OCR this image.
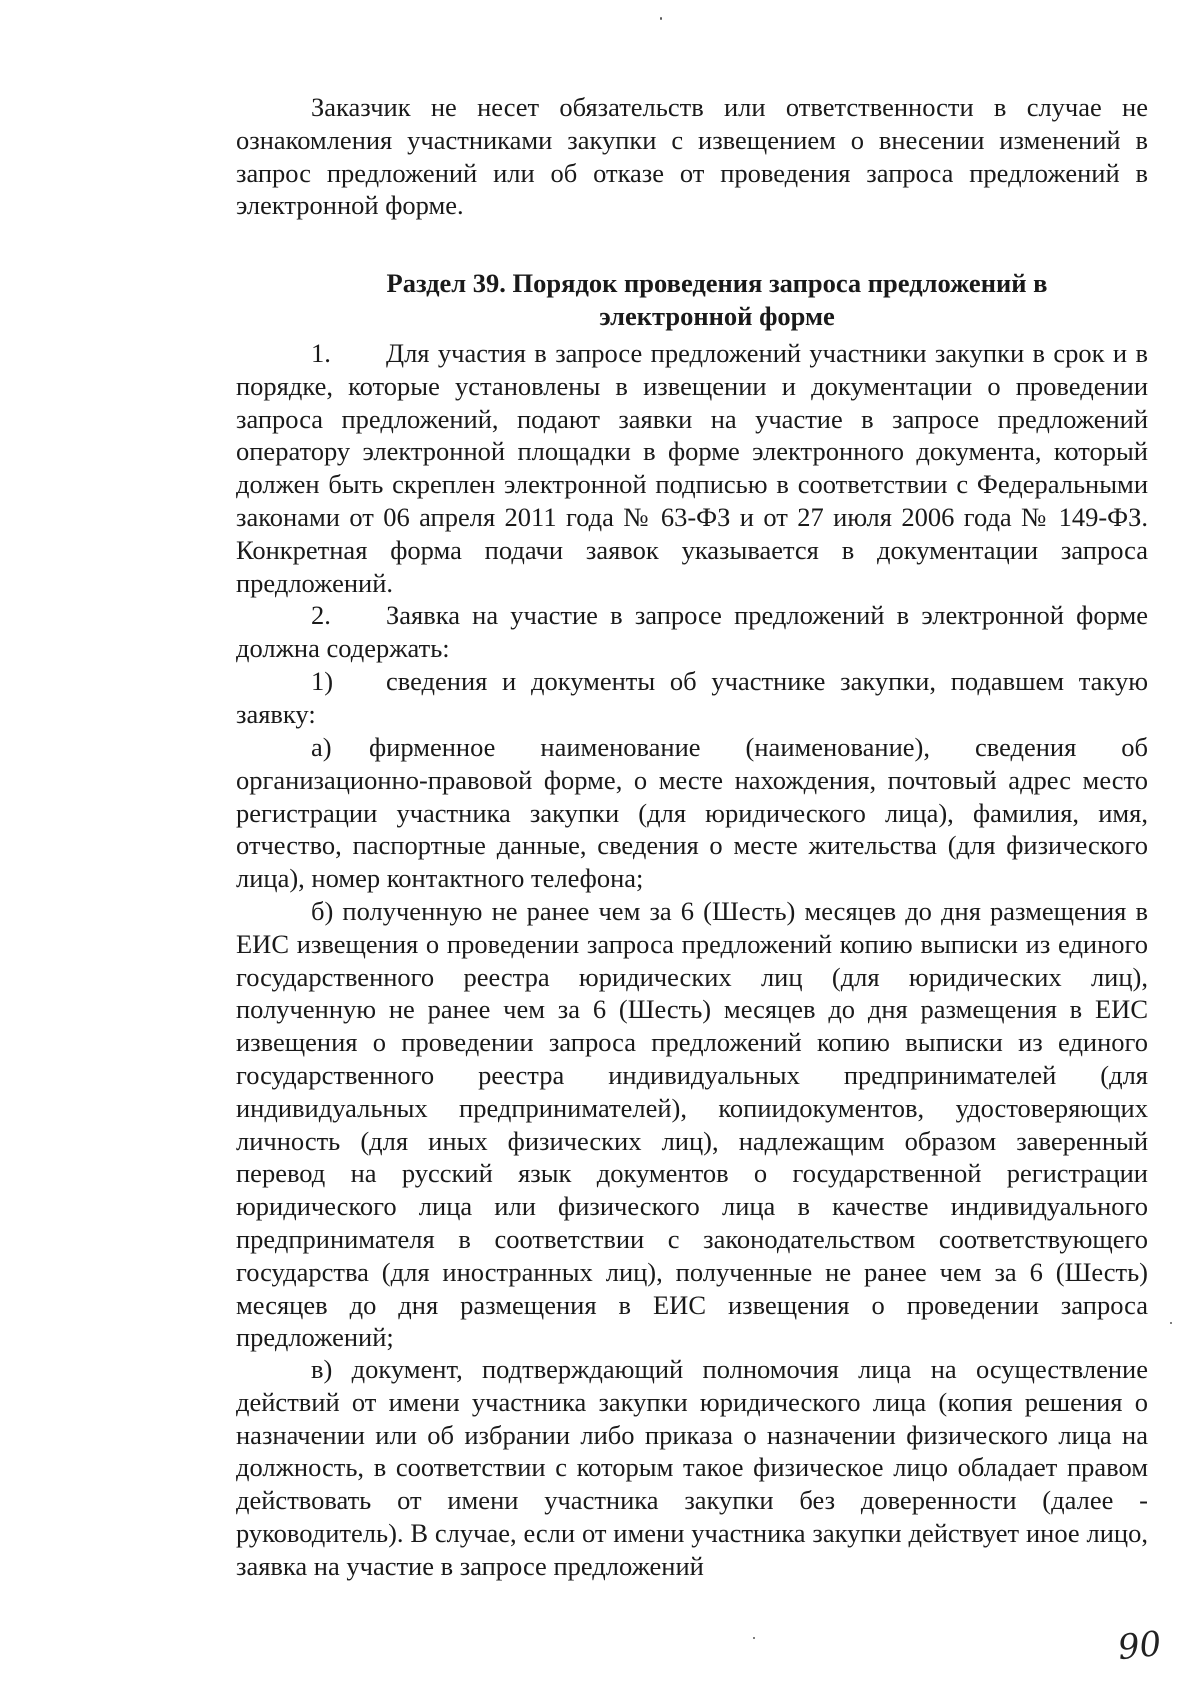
Заказчик не несет обязательств или ответственности в случае не ознакомления участниками закупки с извещением о внесении изменений в запрос предложений или об отказе от проведения запроса предложений в электронной форме.

Раздел 39. Порядок проведения запроса предложений в
электронной форме

1. Для участия в запросе предложений участники закупки в срок и в порядке, которые установлены в извещении и документации о проведении запроса предложений, подают заявки на участие в запросе предложений оператору электронной площадки в форме электронного документа, который должен быть скреплен электронной подписью в соответствии с Федеральными законами от 06 апреля 2011 года № 63-ФЗ и от 27 июля 2006 года № 149-ФЗ. Конкретная форма подачи заявок указывается в документации запроса предложений.

2. Заявка на участие в запросе предложений в электронной форме должна содержать:

1) сведения и документы об участнике закупки, подавшем такую заявку:

а) фирменное наименование (наименование), сведения об организационно-правовой форме, о месте нахождения, почтовый адрес место регистрации участника закупки (для юридического лица), фамилия, имя, отчество, паспортные данные, сведения о месте жительства (для физического лица), номер контактного телефона;

б) полученную не ранее чем за 6 (Шесть) месяцев до дня размещения в ЕИС извещения о проведении запроса предложений копию выписки из единого государственного реестра юридических лиц (для юридических лиц), полученную не ранее чем за 6 (Шесть) месяцев до дня размещения в ЕИС извещения о проведении запроса предложений копию выписки из единого государственного реестра индивидуальных предпринимателей (для индивидуальных предпринимателей), копиидокументов, удостоверяющих личность (для иных физических лиц), надлежащим образом заверенный перевод на русский язык документов о государственной регистрации юридического лица или физического лица в качестве индивидуального предпринимателя в соответствии с законодательством соответствующего государства (для иностранных лиц), полученные не ранее чем за 6 (Шесть) месяцев до дня размещения в ЕИС извещения о проведении запроса предложений;

в) документ, подтверждающий полномочия лица на осуществление действий от имени участника закупки юридического лица (копия решения о назначении или об избрании либо приказа о назначении физического лица на должность, в соответствии с которым такое физическое лицо обладает правом действовать от имени участника закупки без доверенности (далее - руководитель). В случае, если от имени участника закупки действует иное лицо, заявка на участие в запросе предложений

90
